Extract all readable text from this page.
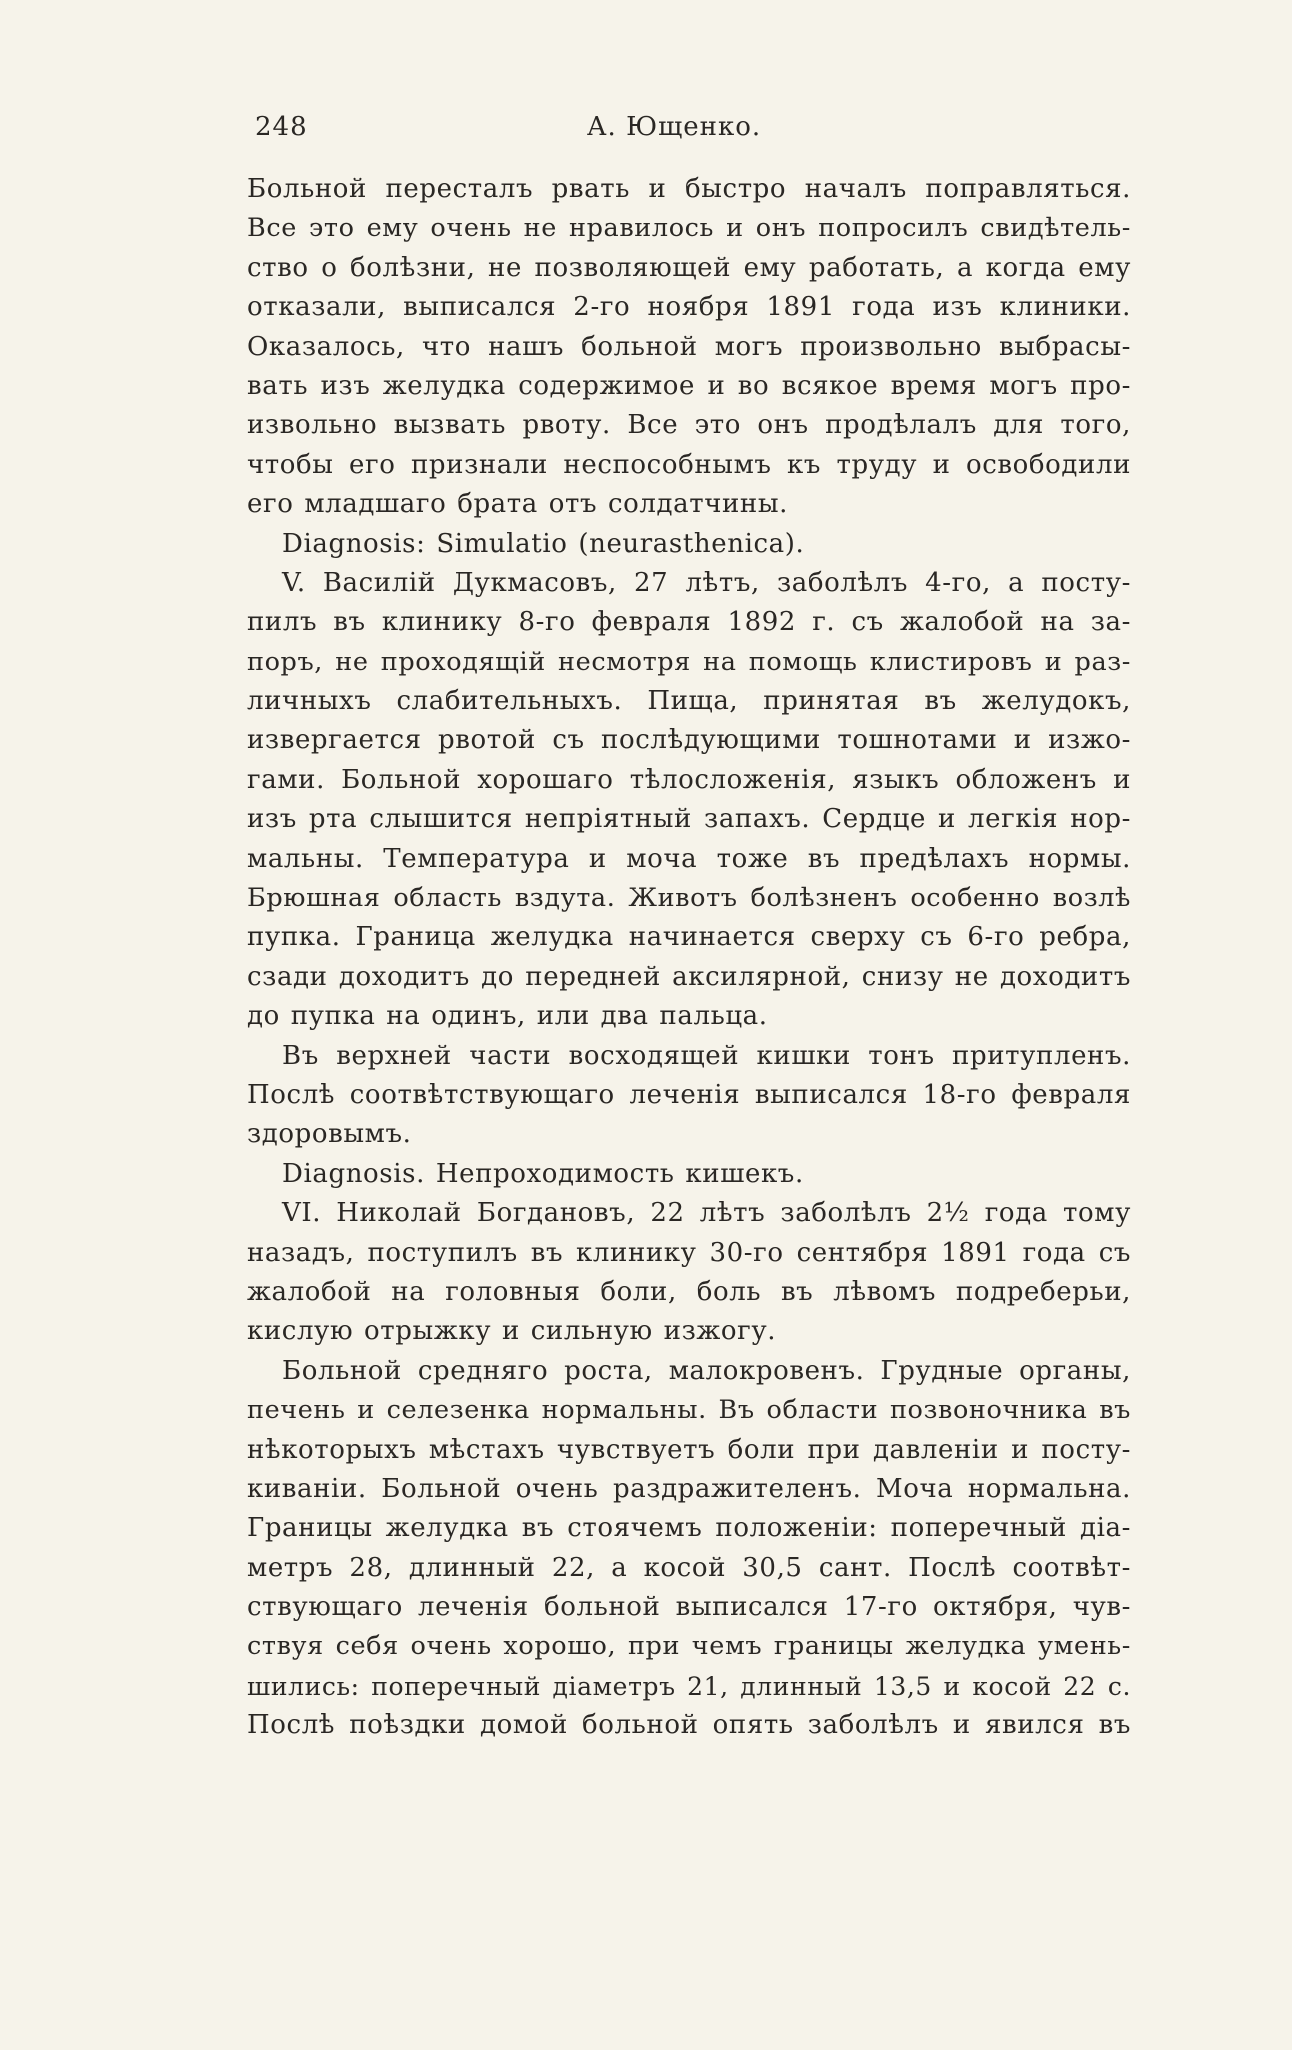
248	А. Ющенко.
Больной пересталъ рвать и быстро началъ поправляться.
Все это ему очень не нравилось и онъ попросилъ свидѣтель-
ство о болѣзни, не позволяющей ему работать, а когда ему
отказали, выписался 2-го ноября 1891 года изъ клиники.
Оказалось, что нашъ больной могъ произвольно выбрасы-
вать изъ желудка содержимое и во всякое время могъ про-
извольно вызвать рвоту. Все это онъ продѣлалъ для того,
чтобы его признали неспособнымъ къ труду и освободили
его младшаго брата отъ солдатчины.
Diagnosis: Simulatio (neurasthenica).
V. Василій Дукмасовъ, 27 лѣтъ, заболѣлъ 4-го, а посту-
пилъ въ клинику 8-го февраля 1892 г. съ жалобой на за-
поръ, не проходящій несмотря на помощь клистировъ и раз-
личныхъ слабительныхъ. Пища, принятая въ желудокъ,
извергается рвотой съ послѣдующими тошнотами и изжо-
гами. Больной хорошаго тѣлосложенія, языкъ обложенъ и
изъ рта слышится непріятный запахъ. Сердце и легкія нор-
мальны. Температура и моча тоже въ предѣлахъ нормы.
Брюшная область вздута. Животъ болѣзненъ особенно возлѣ
пупка. Граница желудка начинается сверху съ 6-го ребра,
сзади доходитъ до передней аксилярной, снизу не доходитъ
до пупка на одинъ, или два пальца.
Въ верхней части восходящей кишки тонъ притупленъ.
Послѣ соотвѣтствующаго леченія выписался 18-го февраля
здоровымъ.
Diagnosis. Непроходимость кишекъ.
VI. Николай Богдановъ, 22 лѣтъ заболѣлъ 2½ года тому
назадъ, поступилъ въ клинику 30-го сентября 1891 года съ
жалобой на головныя боли, боль въ лѣвомъ подреберьи,
кислую отрыжку и сильную изжогу.
Больной средняго роста, малокровенъ. Грудные органы,
печень и селезенка нормальны. Въ области позвоночника въ
нѣкоторыхъ мѣстахъ чувствуетъ боли при давленіи и посту-
киваніи. Больной очень раздражителенъ. Моча нормальна.
Границы желудка въ стоячемъ положеніи: поперечный діа-
метръ 28, длинный 22, а косой 30,5 сант. Послѣ соотвѣт-
ствующаго леченія больной выписался 17-го октября, чув-
ствуя себя очень хорошо, при чемъ границы желудка умень-
шились: поперечный діаметръ 21, длинный 13,5 и косой 22 с.
Послѣ поѣздки домой больной опять заболѣлъ и явился въ
